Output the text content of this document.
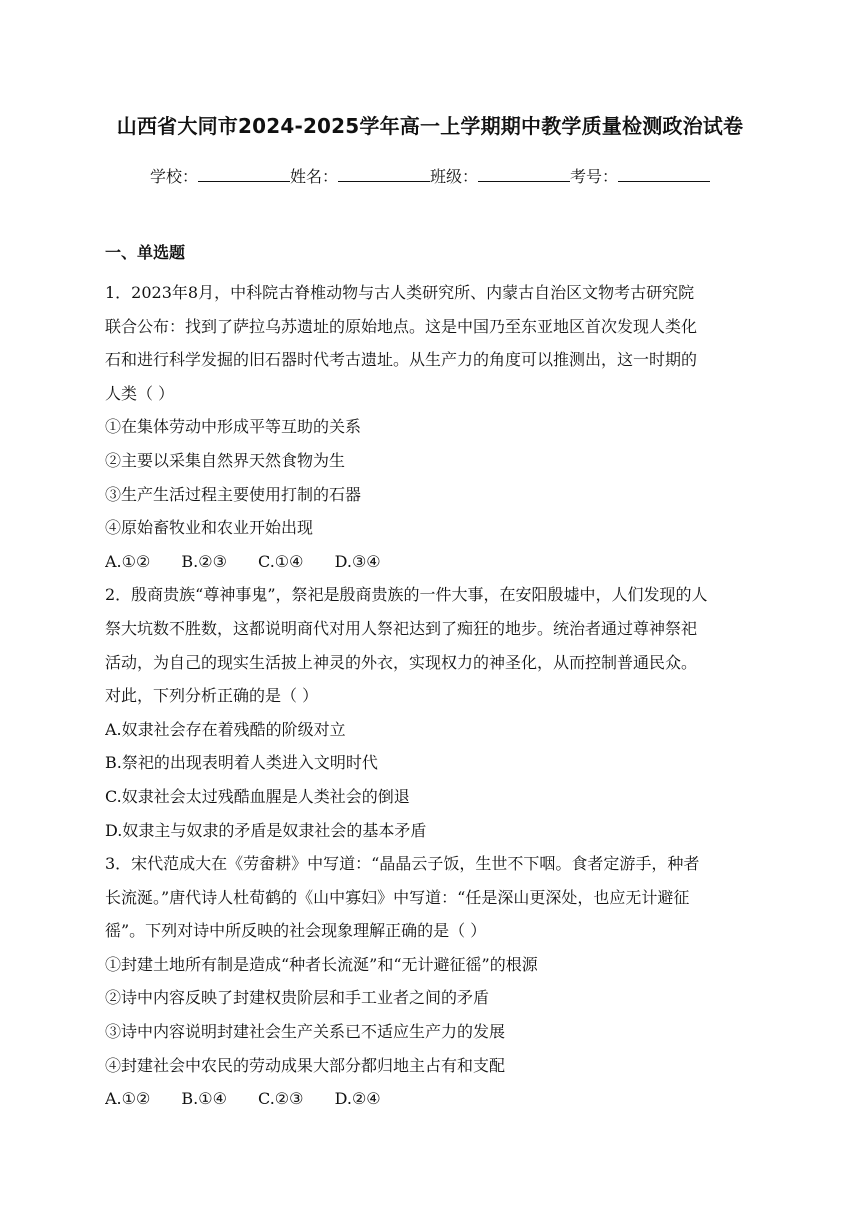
山西省大同市2024-2025学年高一上学期期中教学质量检测政治试卷
学校：	姓名：	班级：	考号：
一、单选题
1．2023年8月，中科院古脊椎动物与古人类研究所、内蒙古自治区文物考古研究院
联合公布：找到了萨拉乌苏遗址的原始地点。这是中国乃至东亚地区首次发现人类化
石和进行科学发掘的旧石器时代考古遗址。从生产力的角度可以推测出，这一时期的
人类（ ）
①在集体劳动中形成平等互助的关系
②主要以采集自然界天然食物为生
③生产生活过程主要使用打制的石器
④原始畜牧业和农业开始出现
A.①② B.②③ C.①④ D.③④
2．殷商贵族“尊神事鬼”，祭祀是殷商贵族的一件大事，在安阳殷墟中，人们发现的人
祭大坑数不胜数，这都说明商代对用人祭祀达到了痴狂的地步。统治者通过尊神祭祀
活动，为自己的现实生活披上神灵的外衣，实现权力的神圣化，从而控制普通民众。
对此，下列分析正确的是（ ）
A.奴隶社会存在着残酷的阶级对立
B.祭祀的出现表明着人类进入文明时代
C.奴隶社会太过残酷血腥是人类社会的倒退
D.奴隶主与奴隶的矛盾是奴隶社会的基本矛盾
3．宋代范成大在《劳畲耕》中写道：“晶晶云子饭，生世不下咽。食者定游手，种者
长流涎。”唐代诗人杜荀鹤的《山中寡妇》中写道：“任是深山更深处，也应无计避征
徭”。下列对诗中所反映的社会现象理解正确的是（ ）
①封建土地所有制是造成“种者长流涎”和“无计避征徭”的根源
②诗中内容反映了封建权贵阶层和手工业者之间的矛盾
③诗中内容说明封建社会生产关系已不适应生产力的发展
④封建社会中农民的劳动成果大部分都归地主占有和支配
A.①② B.①④ C.②③ D.②④
